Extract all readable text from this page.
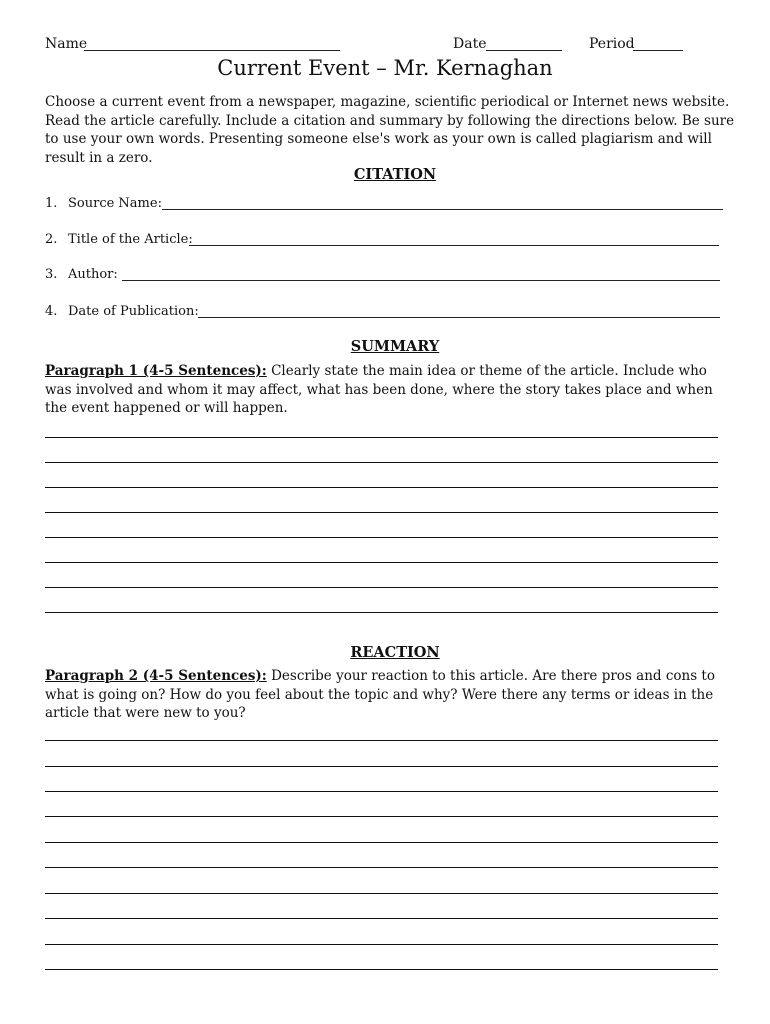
Name	Date	Period
Current Event – Mr. Kernaghan
Choose a current event from a newspaper, magazine, scientific periodical or Internet news website. Read the article carefully. Include a citation and summary by following the directions below. Be sure to use your own words. Presenting someone else's work as your own is called plagiarism and will result in a zero.
CITATION
1. Source Name:
2. Title of the Article:
3. Author:
4. Date of Publication:
SUMMARY
Paragraph 1 (4-5 Sentences): Clearly state the main idea or theme of the article. Include who was involved and whom it may affect, what has been done, where the story takes place and when the event happened or will happen.
REACTION
Paragraph 2 (4-5 Sentences): Describe your reaction to this article. Are there pros and cons to what is going on? How do you feel about the topic and why? Were there any terms or ideas in the article that were new to you?
